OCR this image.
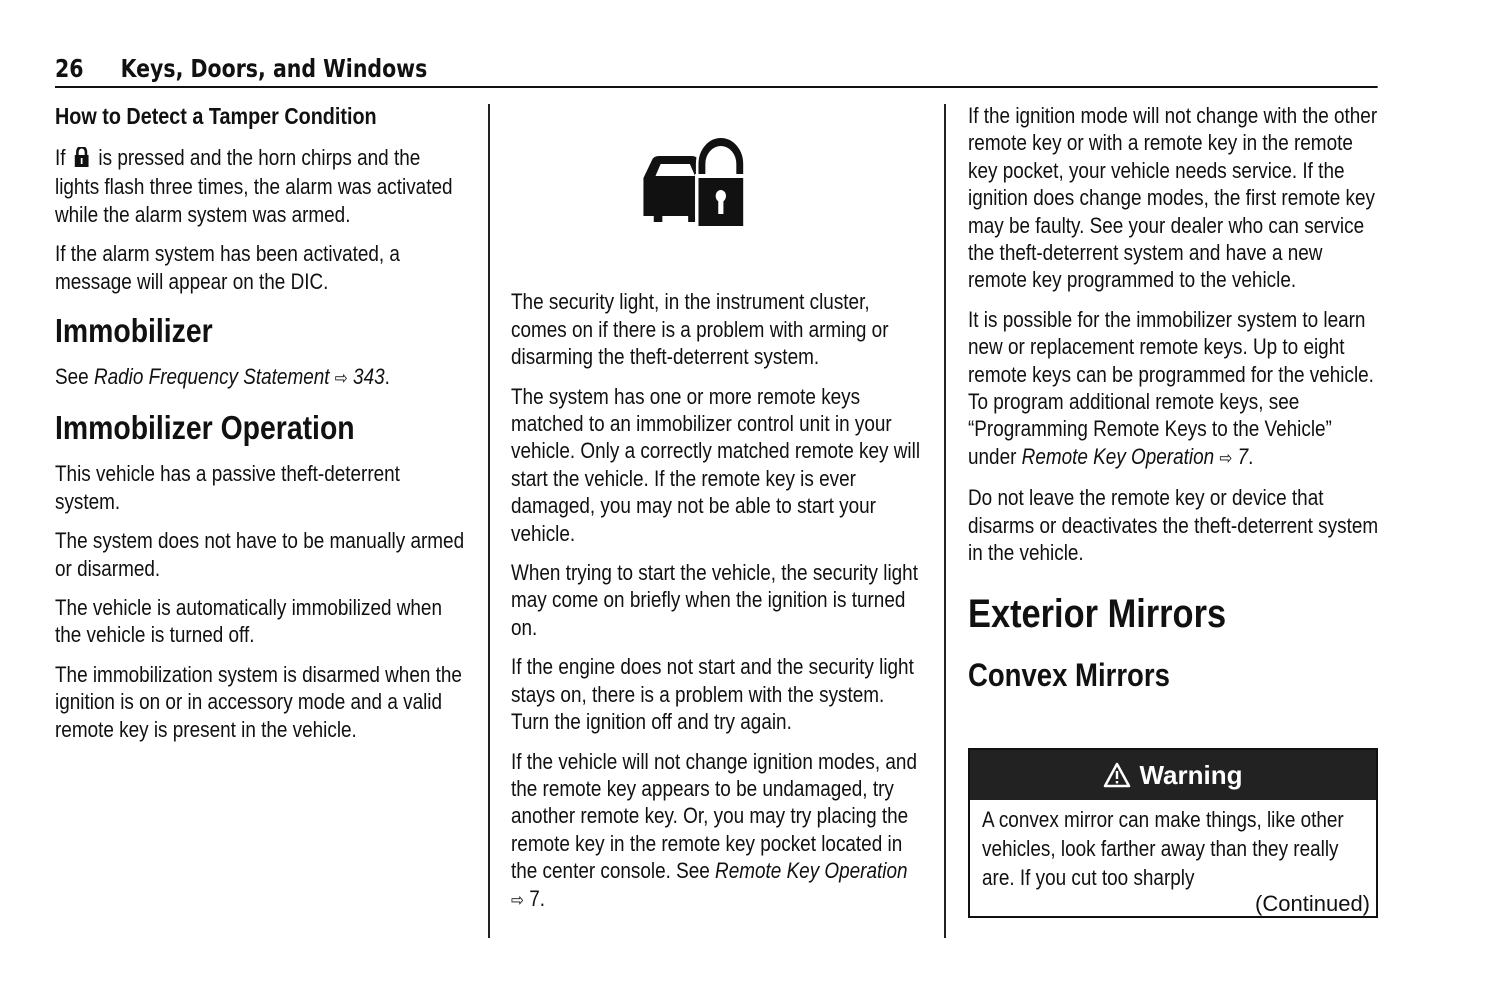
26 Keys, Doors, and Windows
How to Detect a Tamper Condition

If is pressed and the horn chirps and the lights flash three times, the alarm was activated while the alarm system was armed.

If the alarm system has been activated, a message will appear on the DIC.

Immobilizer

See Radio Frequency Statement ⇨ 343.

Immobilizer Operation

This vehicle has a passive theft-deterrent system.

The system does not have to be manually armed or disarmed.

The vehicle is automatically immobilized when the vehicle is turned off.

The immobilization system is disarmed when the ignition is on or in accessory mode and a valid remote key is present in the vehicle.

The security light, in the instrument cluster, comes on if there is a problem with arming or disarming the theft-deterrent system.

The system has one or more remote keys matched to an immobilizer control unit in your vehicle. Only a correctly matched remote key will start the vehicle. If the remote key is ever damaged, you may not be able to start your vehicle.

When trying to start the vehicle, the security light may come on briefly when the ignition is turned on.

If the engine does not start and the security light stays on, there is a problem with the system. Turn the ignition off and try again.

If the vehicle will not change ignition modes, and the remote key appears to be undamaged, try another remote key. Or, you may try placing the remote key in the remote key pocket located in the center console. See Remote Key Operation ⇨ 7.

If the ignition mode will not change with the other remote key or with a remote key in the remote key pocket, your vehicle needs service. If the ignition does change modes, the first remote key may be faulty. See your dealer who can service the theft-deterrent system and have a new remote key programmed to the vehicle.

It is possible for the immobilizer system to learn new or replacement remote keys. Up to eight remote keys can be programmed for the vehicle. To program additional remote keys, see “Programming Remote Keys to the Vehicle” under Remote Key Operation ⇨ 7.

Do not leave the remote key or device that disarms or deactivates the theft-deterrent system in the vehicle.

Exterior Mirrors
Convex Mirrors
Warning
A convex mirror can make things, like other vehicles, look farther away than they really are. If you cut too sharply
(Continued)
